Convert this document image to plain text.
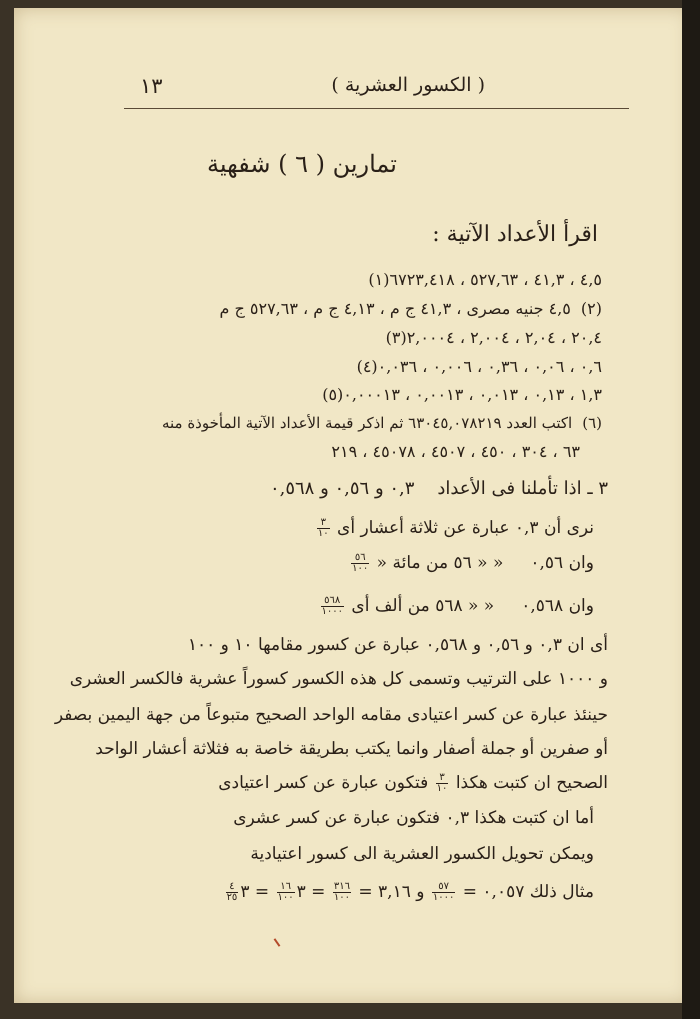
( الكسور العشرية )
١٣
تمارين ( ٦ ) شفهية
اقرأ الأعداد الآتية :
(١)٤,٥ ، ٤١,٣ ، ٥٢٧,٦٣ ، ٦٧٢٣,٤١٨
(٢)٤,٥ جنيه مصرى ، ٤١,٣ ج م ، ٤,١٣ ج م ، ٥٢٧,٦٣ ج م
(٣)٢٠,٤ ، ٢,٠٤ ، ٢,٠٠٤ ، ٢,٠٠٠٤
(٤)٠,٦ ، ٠,٠٦ ، ٠,٣٦ ، ٠,٠٠٦ ، ٠,٠٣٦
(٥)١,٣ ، ٠,١٣ ، ٠,٠١٣ ، ٠,٠٠١٣ ، ٠,٠٠٠١٣
(٦)اكتب العدد ٦٣٠٤٥,٠٧٨٢١٩ ثم اذكر قيمة الأعداد الآتية المأخوذة منه
٦٣ ، ٣٠٤ ، ٤٥٠ ، ٤٥٠٧ ، ٤٥٠٧٨ ، ٢١٩
٣ ـ اذا تأملنا فى الأعداد    ٠,٣ و ٠,٥٦ و ٠,٥٦٨
نرى أن ٠,٣ عبارة عن ثلاثة أعشار أى
$\frac{٣}{١٠}$
وان ٠,٥٦     « « ٥٦ من مائة «
$\frac{٥٦}{١٠٠}$
وان ٠,٥٦٨     « « ٥٦٨ من ألف أى
$\frac{٥٦٨}{١٠٠٠}$
أى ان ٠,٣ و ٠,٥٦ و ٠,٥٦٨ عبارة عن كسور مقامها ١٠ و ١٠٠
و ١٠٠٠ على الترتيب وتسمى كل هذه الكسور كسوراً عشرية فالكسر العشرى
حينئذ عبارة عن كسر اعتيادى مقامه الواحد الصحيح متبوعاً من جهة اليمين بصفر
أو صفرين أو جملة أصفار وانما يكتب بطريقة خاصة به فثلاثة أعشار الواحد
الصحيح ان كتبت هكذا
$\frac{٣}{١٠}$
فتكون عبارة عن كسر اعتيادى
أما ان كتبت هكذا ٠,٣ فتكون عبارة عن كسر عشرى
ويمكن تحويل الكسور العشرية الى كسور اعتيادية
مثال ذلك ٠,٠٥٧ =
$\frac{٥٧}{١٠٠٠}$
و ٣,١٦ =
$\frac{٣١٦}{١٠٠}$
= ٣
$\frac{١٦}{١٠٠}$
= ٣
$\frac{٤}{٢٥}$
